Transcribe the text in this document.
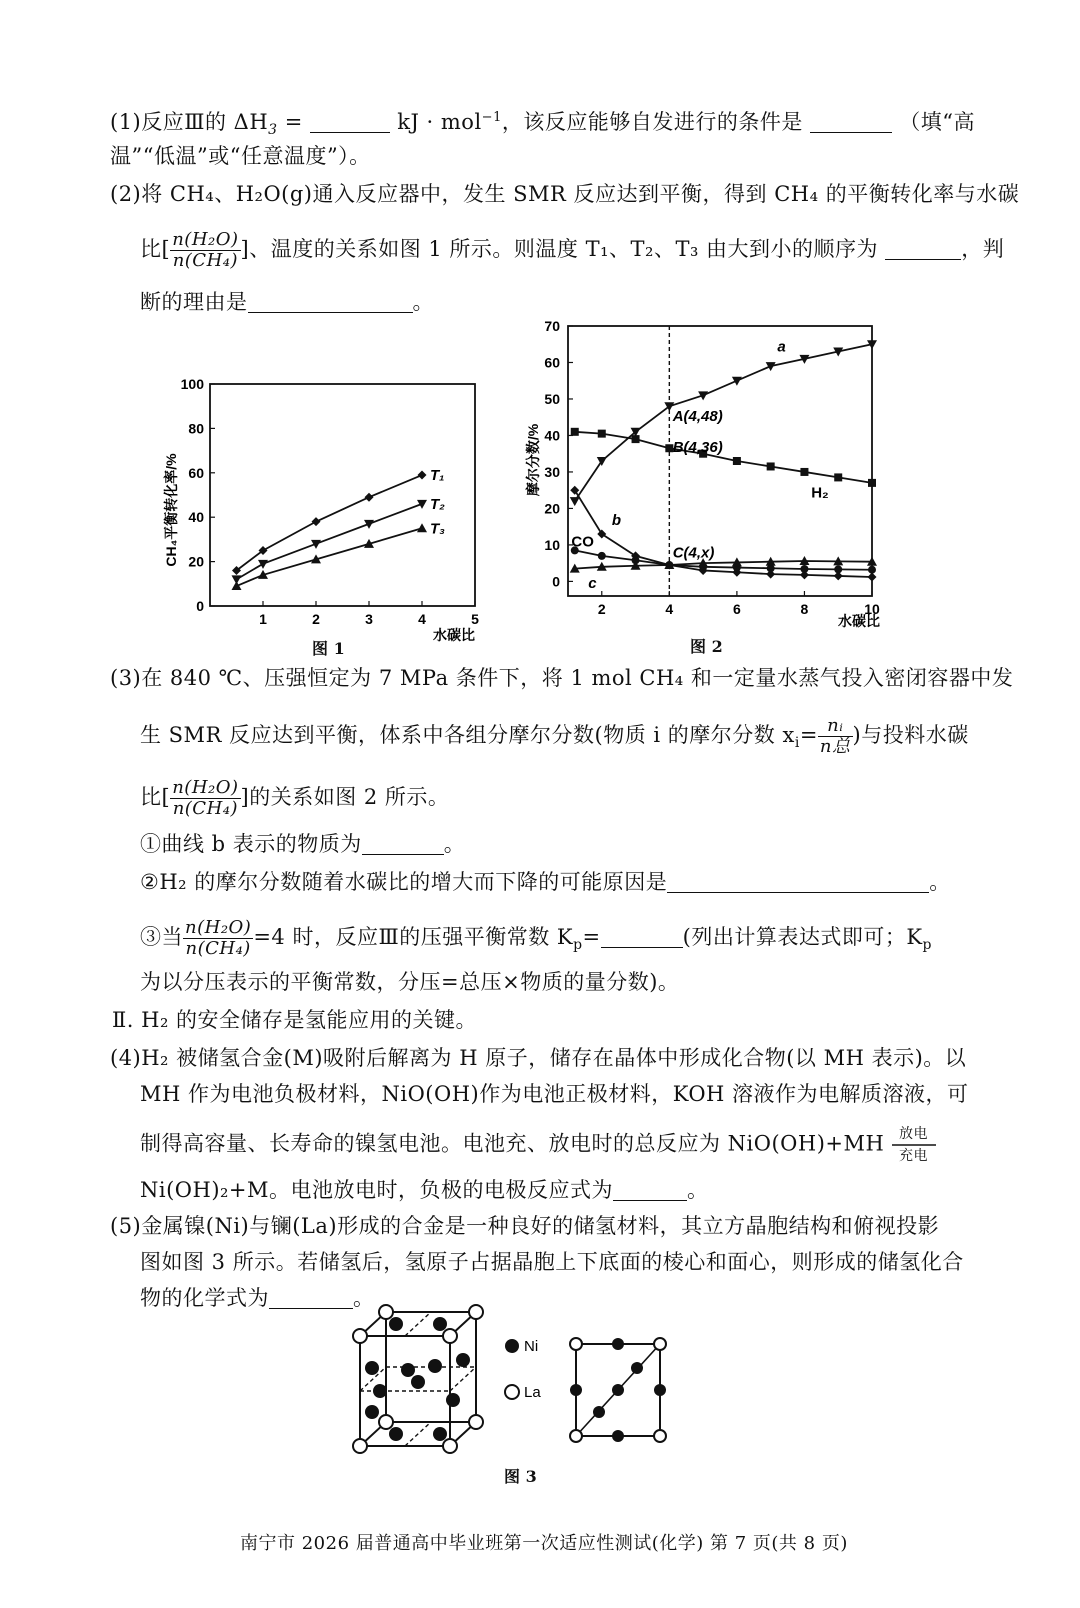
(1)反应Ⅲ的 $\Delta H_3$ =	kJ · mol$^{-1}$，该反应能够自发进行的条件是	（填“高
温”“低温”或“任意温度”）。
(2)将 CH₄、H₂O(g)通入反应器中，发生 SMR 反应达到平衡，得到 CH₄ 的平衡转化率与水碳
比[ $\frac{\text{n(H₂O)}}{\text{n(CH₄)}}$ ]、温度的关系如图 1 所示。则温度 T₁、T₂、T₃ 由大到小的顺序为	，判
断的理由是	。
CH₄平衡转化率/%
水碳比
0
20
40
60
80
100
1	2	3	4	5
T₁
T₂
T₃
图 1
摩尔分数/%
水碳比
0
10
20
30
40
50
60
70
2	4	6	8	10
a
H₂
b
CO
c
A(4,48)
B(4,36)
C(4,x)
图 2
(3)在 840 ℃、压强恒定为 7 MPa 条件下，将 1 mol CH₄ 和一定量水蒸气投入密闭容器中发
生 SMR 反应达到平衡，体系中各组分摩尔分数(物质 i 的摩尔分数 $x_i= \frac{\text{nᵢ}}{\text{n总}}$ )与投料水碳
比[ $\frac{\text{n(H₂O)}}{\text{n(CH₄)}}$ ]的关系如图 2 所示。
①曲线 b 表示的物质为	。
②H₂ 的摩尔分数随着水碳比的增大而下降的可能原因是	。
③当 $\frac{\text{n(H₂O)}}{\text{n(CH₄)}} =4$ 时，反应Ⅲ的压强平衡常数 $K_p=$	(列出计算表达式即可；$K_p$
为以分压表示的平衡常数，分压=总压×物质的量分数)。
Ⅱ. H₂ 的安全储存是氢能应用的关键。
(4)H₂ 被储氢合金(M)吸附后解离为 H 原子，储存在晶体中形成化合物(以 MH 表示)。以
MH 作为电池负极材料，NiO(OH)作为电池正极材料，KOH 溶液作为电解质溶液，可
制得高容量、长寿命的镍氢电池。电池充、放电时的总反应为 NiO(OH)+MH	放电
充电
Ni(OH)₂+M。电池放电时，负极的电极反应式为	。
(5)金属镍(Ni)与镧(La)形成的合金是一种良好的储氢材料，其立方晶胞结构和俯视投影
图如图 3 所示。若储氢后，氢原子占据晶胞上下底面的棱心和面心，则形成的储氢化合
物的化学式为	。
Ni
La
图 3
南宁市 2026 届普通高中毕业班第一次适应性测试(化学) 第 7 页(共 8 页)
